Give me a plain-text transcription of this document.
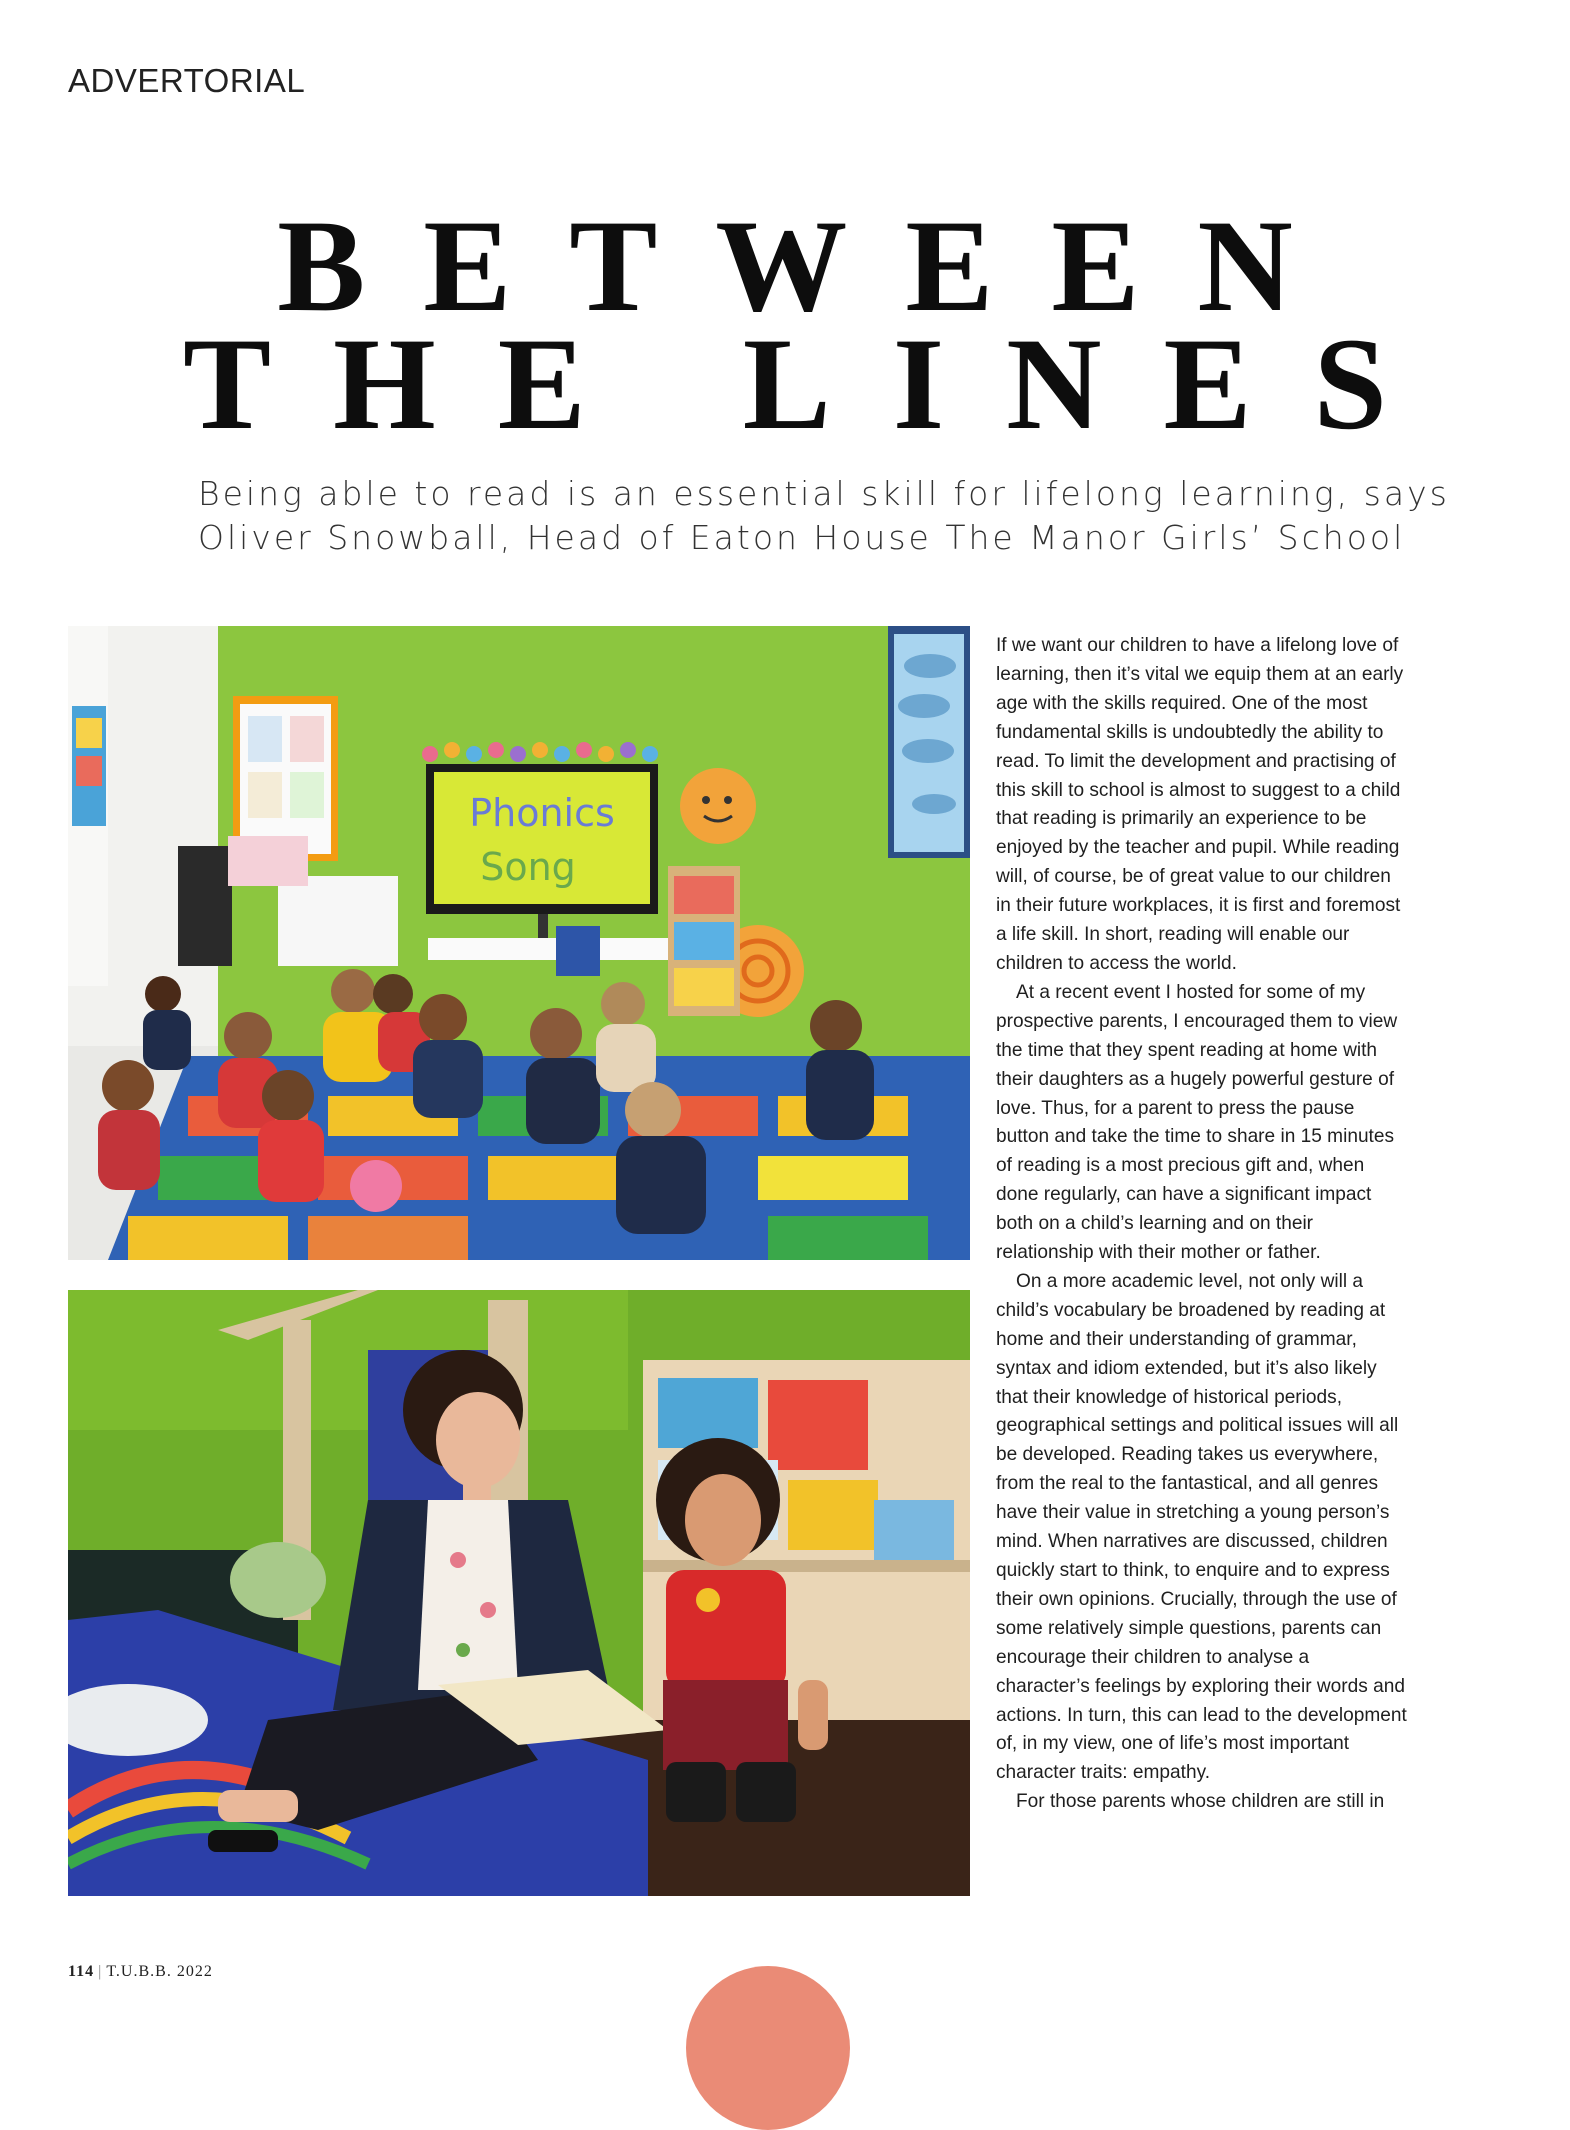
ADVERTORIAL
BETWEEN
THE LINES
Being able to read is an essential skill for lifelong learning, says
Oliver Snowball, Head of Eaton House The Manor Girls’ School
Phonics
Song

If we want our children to have a lifelong love of learning, then it’s vital we equip them at an early age with the skills required. One of the most fundamental skills is undoubtedly the ability to read. To limit the development and practising of this skill to school is almost to suggest to a child that reading is primarily an experience to be enjoyed by the teacher and pupil. While reading will, of course, be of great value to our children in their future workplaces, it is first and foremost a life skill. In short, reading will enable our children to access the world.

At a recent event I hosted for some of my prospective parents, I encouraged them to view the time that they spent reading at home with their daughters as a hugely powerful gesture of love. Thus, for a parent to press the pause button and take the time to share in 15 minutes of reading is a most precious gift and, when done regularly, can have a significant impact both on a child’s learning and on their relationship with their mother or father.

On a more academic level, not only will a child’s vocabulary be broadened by reading at home and their understanding of grammar, syntax and idiom extended, but it’s also likely that their knowledge of historical periods, geographical settings and political issues will all be developed. Reading takes us everywhere, from the real to the fantastical, and all genres have their value in stretching a young person’s mind. When narratives are discussed, children quickly start to think, to enquire and to express their own opinions. Crucially, through the use of some relatively simple questions, parents can encourage their children to analyse a character’s feelings by exploring their words and actions. In turn, this can lead to the development of, in my view, one of life’s most important character traits: empathy.

For those parents whose children are still in

114 | T.U.B.B. 2022
